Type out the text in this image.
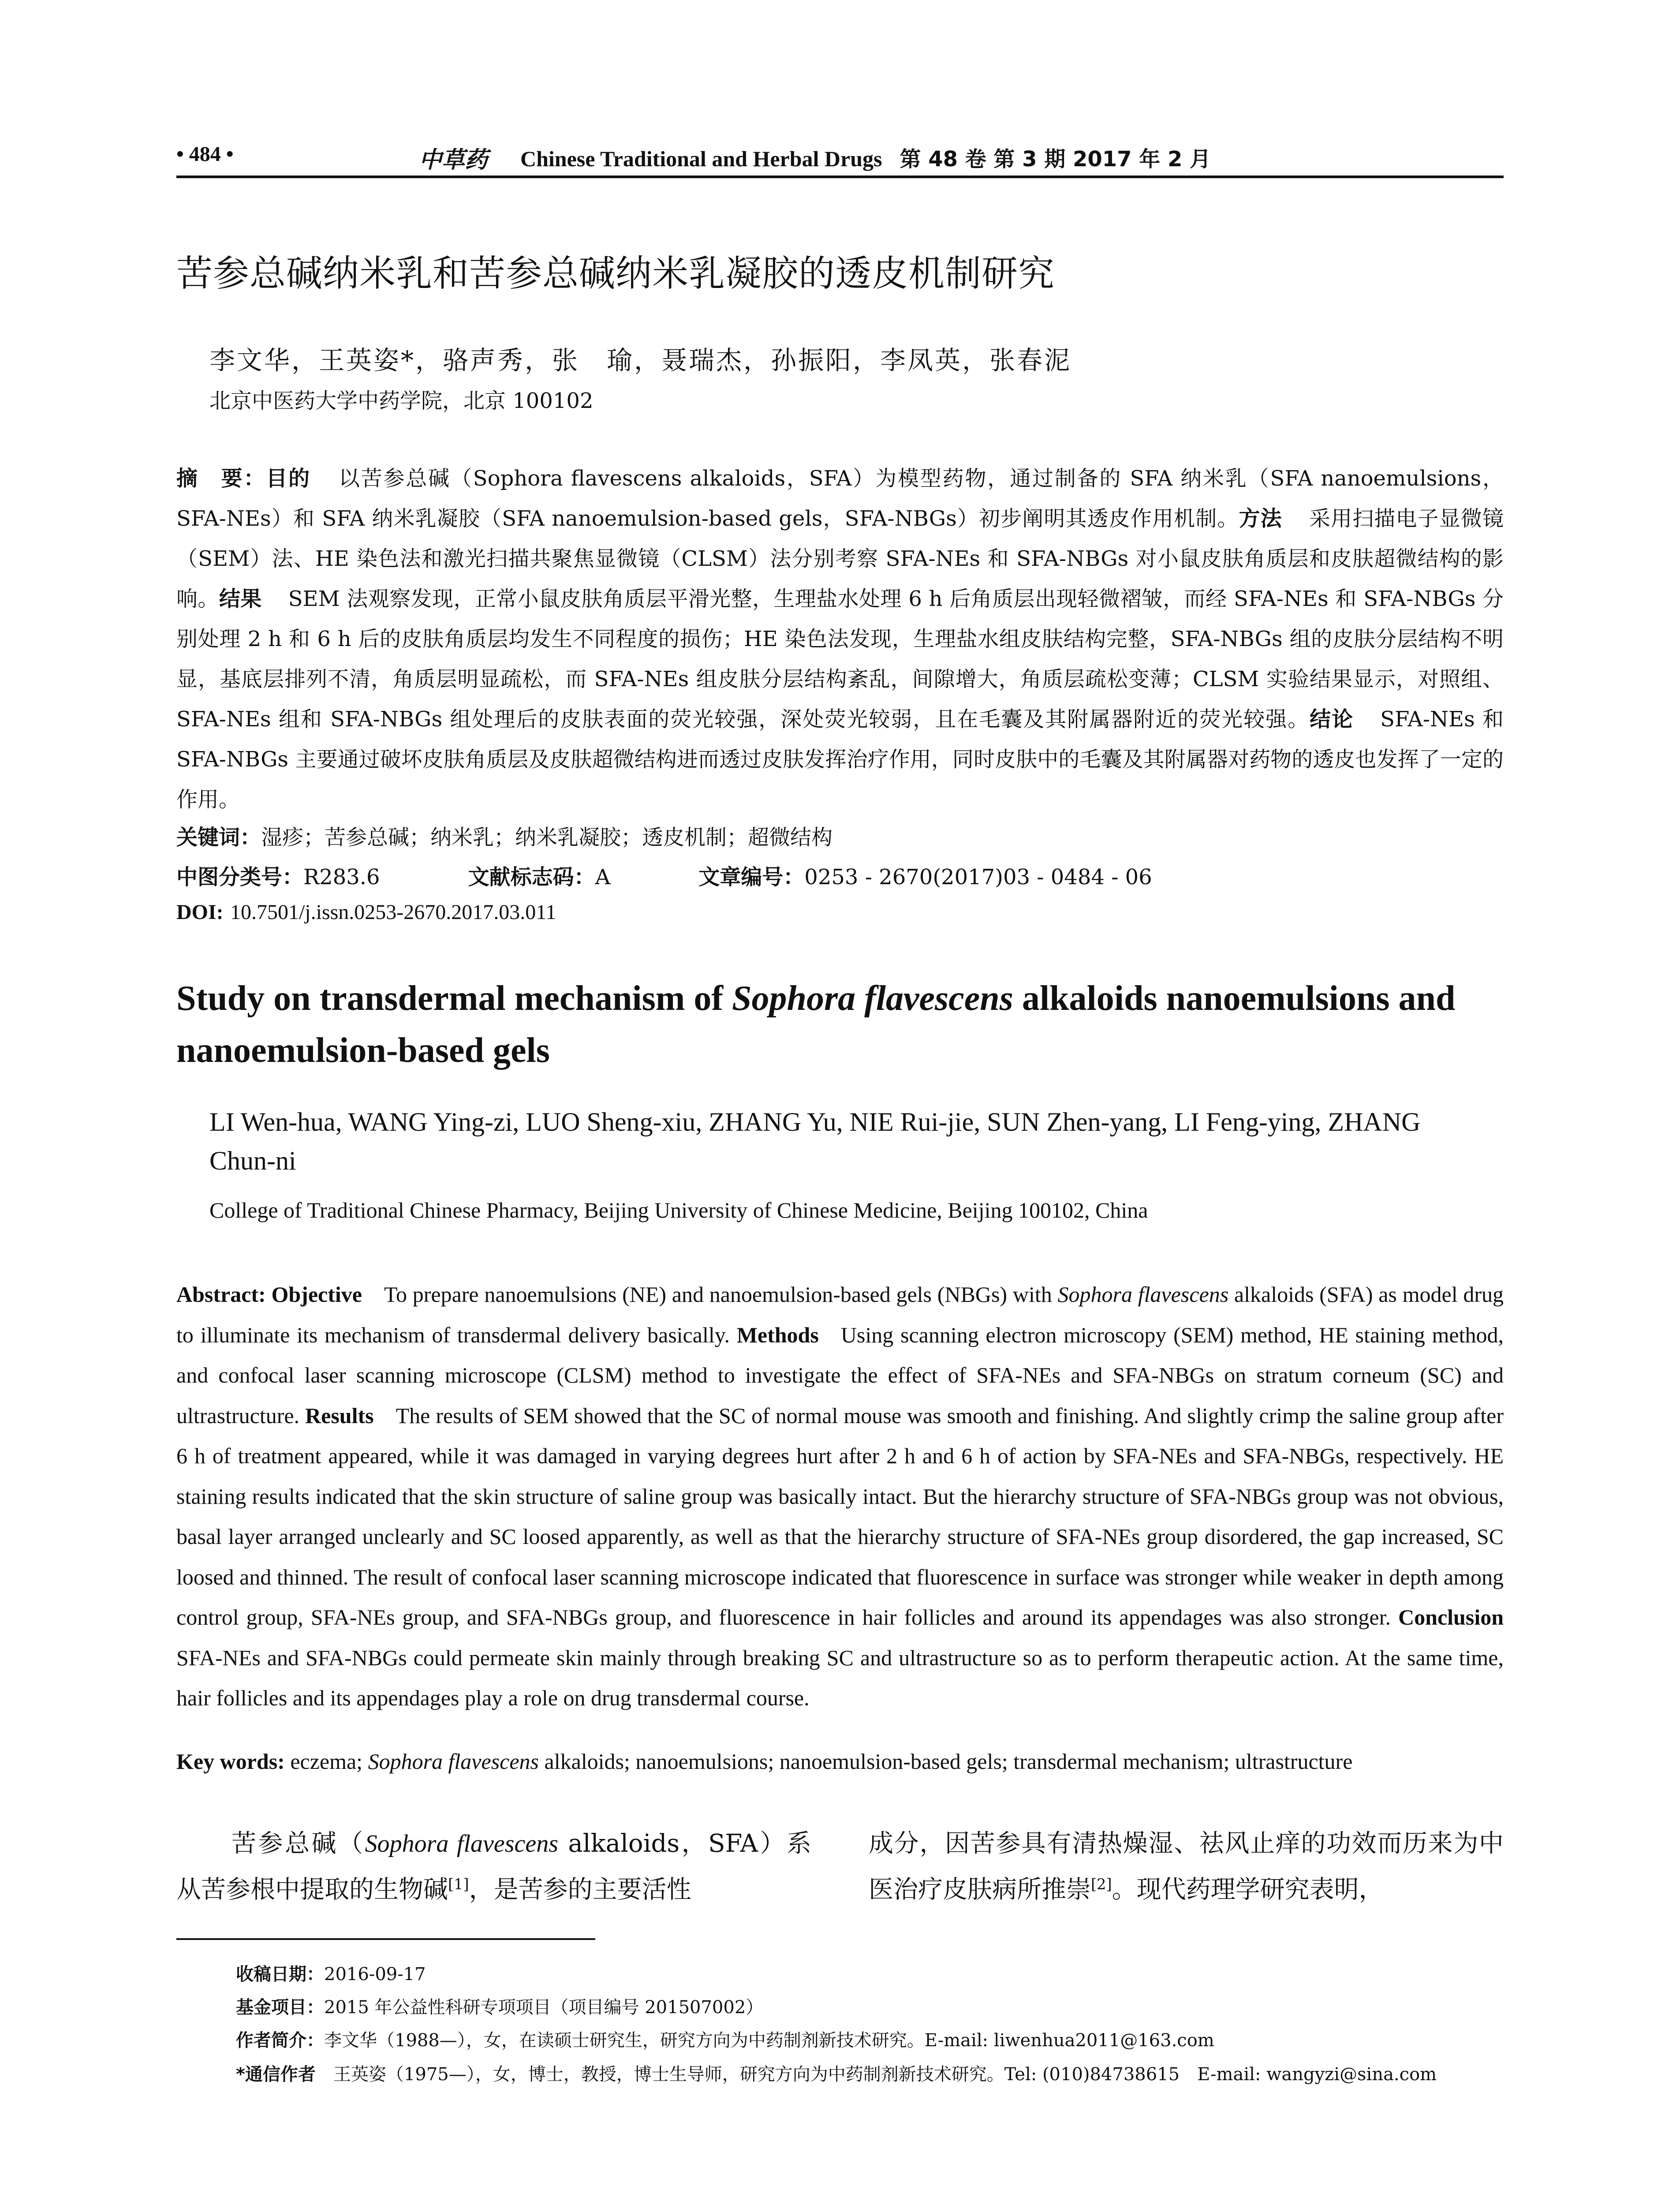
• 484 •	中草药 Chinese Traditional and Herbal Drugs 第 48 卷 第 3 期 2017 年 2 月
苦参总碱纳米乳和苦参总碱纳米乳凝胶的透皮机制研究
李文华，王英姿*，骆声秀，张　瑜，聂瑞杰，孙振阳，李凤英，张春泥
北京中医药大学中药学院，北京 100102
摘　要：目的 以苦参总碱（Sophora flavescens alkaloids，SFA）为模型药物，通过制备的 SFA 纳米乳（SFA nanoemulsions，SFA-NEs）和 SFA 纳米乳凝胶（SFA nanoemulsion-based gels，SFA-NBGs）初步阐明其透皮作用机制。方法 采用扫描电子显微镜（SEM）法、HE 染色法和激光扫描共聚焦显微镜（CLSM）法分别考察 SFA-NEs 和 SFA-NBGs 对小鼠皮肤角质层和皮肤超微结构的影响。结果 SEM 法观察发现，正常小鼠皮肤角质层平滑光整，生理盐水处理 6 h 后角质层出现轻微褶皱，而经 SFA-NEs 和 SFA-NBGs 分别处理 2 h 和 6 h 后的皮肤角质层均发生不同程度的损伤；HE 染色法发现，生理盐水组皮肤结构完整，SFA-NBGs 组的皮肤分层结构不明显，基底层排列不清，角质层明显疏松，而 SFA-NEs 组皮肤分层结构紊乱，间隙增大，角质层疏松变薄；CLSM 实验结果显示，对照组、SFA-NEs 组和 SFA-NBGs 组处理后的皮肤表面的荧光较强，深处荧光较弱，且在毛囊及其附属器附近的荧光较强。结论 SFA-NEs 和 SFA-NBGs 主要通过破坏皮肤角质层及皮肤超微结构进而透过皮肤发挥治疗作用，同时皮肤中的毛囊及其附属器对药物的透皮也发挥了一定的作用。
关键词：湿疹；苦参总碱；纳米乳；纳米乳凝胶；透皮机制；超微结构
中图分类号：R283.6	文献标志码：A	文章编号：0253 - 2670(2017)03 - 0484 - 06
DOI: 10.7501/j.issn.0253-2670.2017.03.011
Study on transdermal mechanism of Sophora flavescens alkaloids nanoemulsions and nanoemulsion-based gels
LI Wen-hua, WANG Ying-zi, LUO Sheng-xiu, ZHANG Yu, NIE Rui-jie, SUN Zhen-yang, LI Feng-ying, ZHANG Chun-ni
College of Traditional Chinese Pharmacy, Beijing University of Chinese Medicine, Beijing 100102, China
Abstract: Objective To prepare nanoemulsions (NE) and nanoemulsion-based gels (NBGs) with Sophora flavescens alkaloids (SFA) as model drug to illuminate its mechanism of transdermal delivery basically. Methods Using scanning electron microscopy (SEM) method, HE staining method, and confocal laser scanning microscope (CLSM) method to investigate the effect of SFA-NEs and SFA-NBGs on stratum corneum (SC) and ultrastructure. Results The results of SEM showed that the SC of normal mouse was smooth and finishing. And slightly crimp the saline group after 6 h of treatment appeared, while it was damaged in varying degrees hurt after 2 h and 6 h of action by SFA-NEs and SFA-NBGs, respectively. HE staining results indicated that the skin structure of saline group was basically intact. But the hierarchy structure of SFA-NBGs group was not obvious, basal layer arranged unclearly and SC loosed apparently, as well as that the hierarchy structure of SFA-NEs group disordered, the gap increased, SC loosed and thinned. The result of confocal laser scanning microscope indicated that fluorescence in surface was stronger while weaker in depth among control group, SFA-NEs group, and SFA-NBGs group, and fluorescence in hair follicles and around its appendages was also stronger. Conclusion SFA-NEs and SFA-NBGs could permeate skin mainly through breaking SC and ultrastructure so as to perform therapeutic action. At the same time, hair follicles and its appendages play a role on drug transdermal course.
Key words: eczema; Sophora flavescens alkaloids; nanoemulsions; nanoemulsion-based gels; transdermal mechanism; ultrastructure
苦参总碱（Sophora flavescens alkaloids，SFA）系从苦参根中提取的生物碱[1]，是苦参的主要活性
成分，因苦参具有清热燥湿、祛风止痒的功效而历来为中医治疗皮肤病所推崇[2]。现代药理学研究表明，
收稿日期：2016-09-17
基金项目：2015 年公益性科研专项项目（项目编号 201507002）
作者简介：李文华（1988—），女，在读硕士研究生，研究方向为中药制剂新技术研究。E-mail: liwenhua2011@163.com
*通信作者 王英姿（1975—），女，博士，教授，博士生导师，研究方向为中药制剂新技术研究。Tel: (010)84738615　E-mail: wangyzi@sina.com
